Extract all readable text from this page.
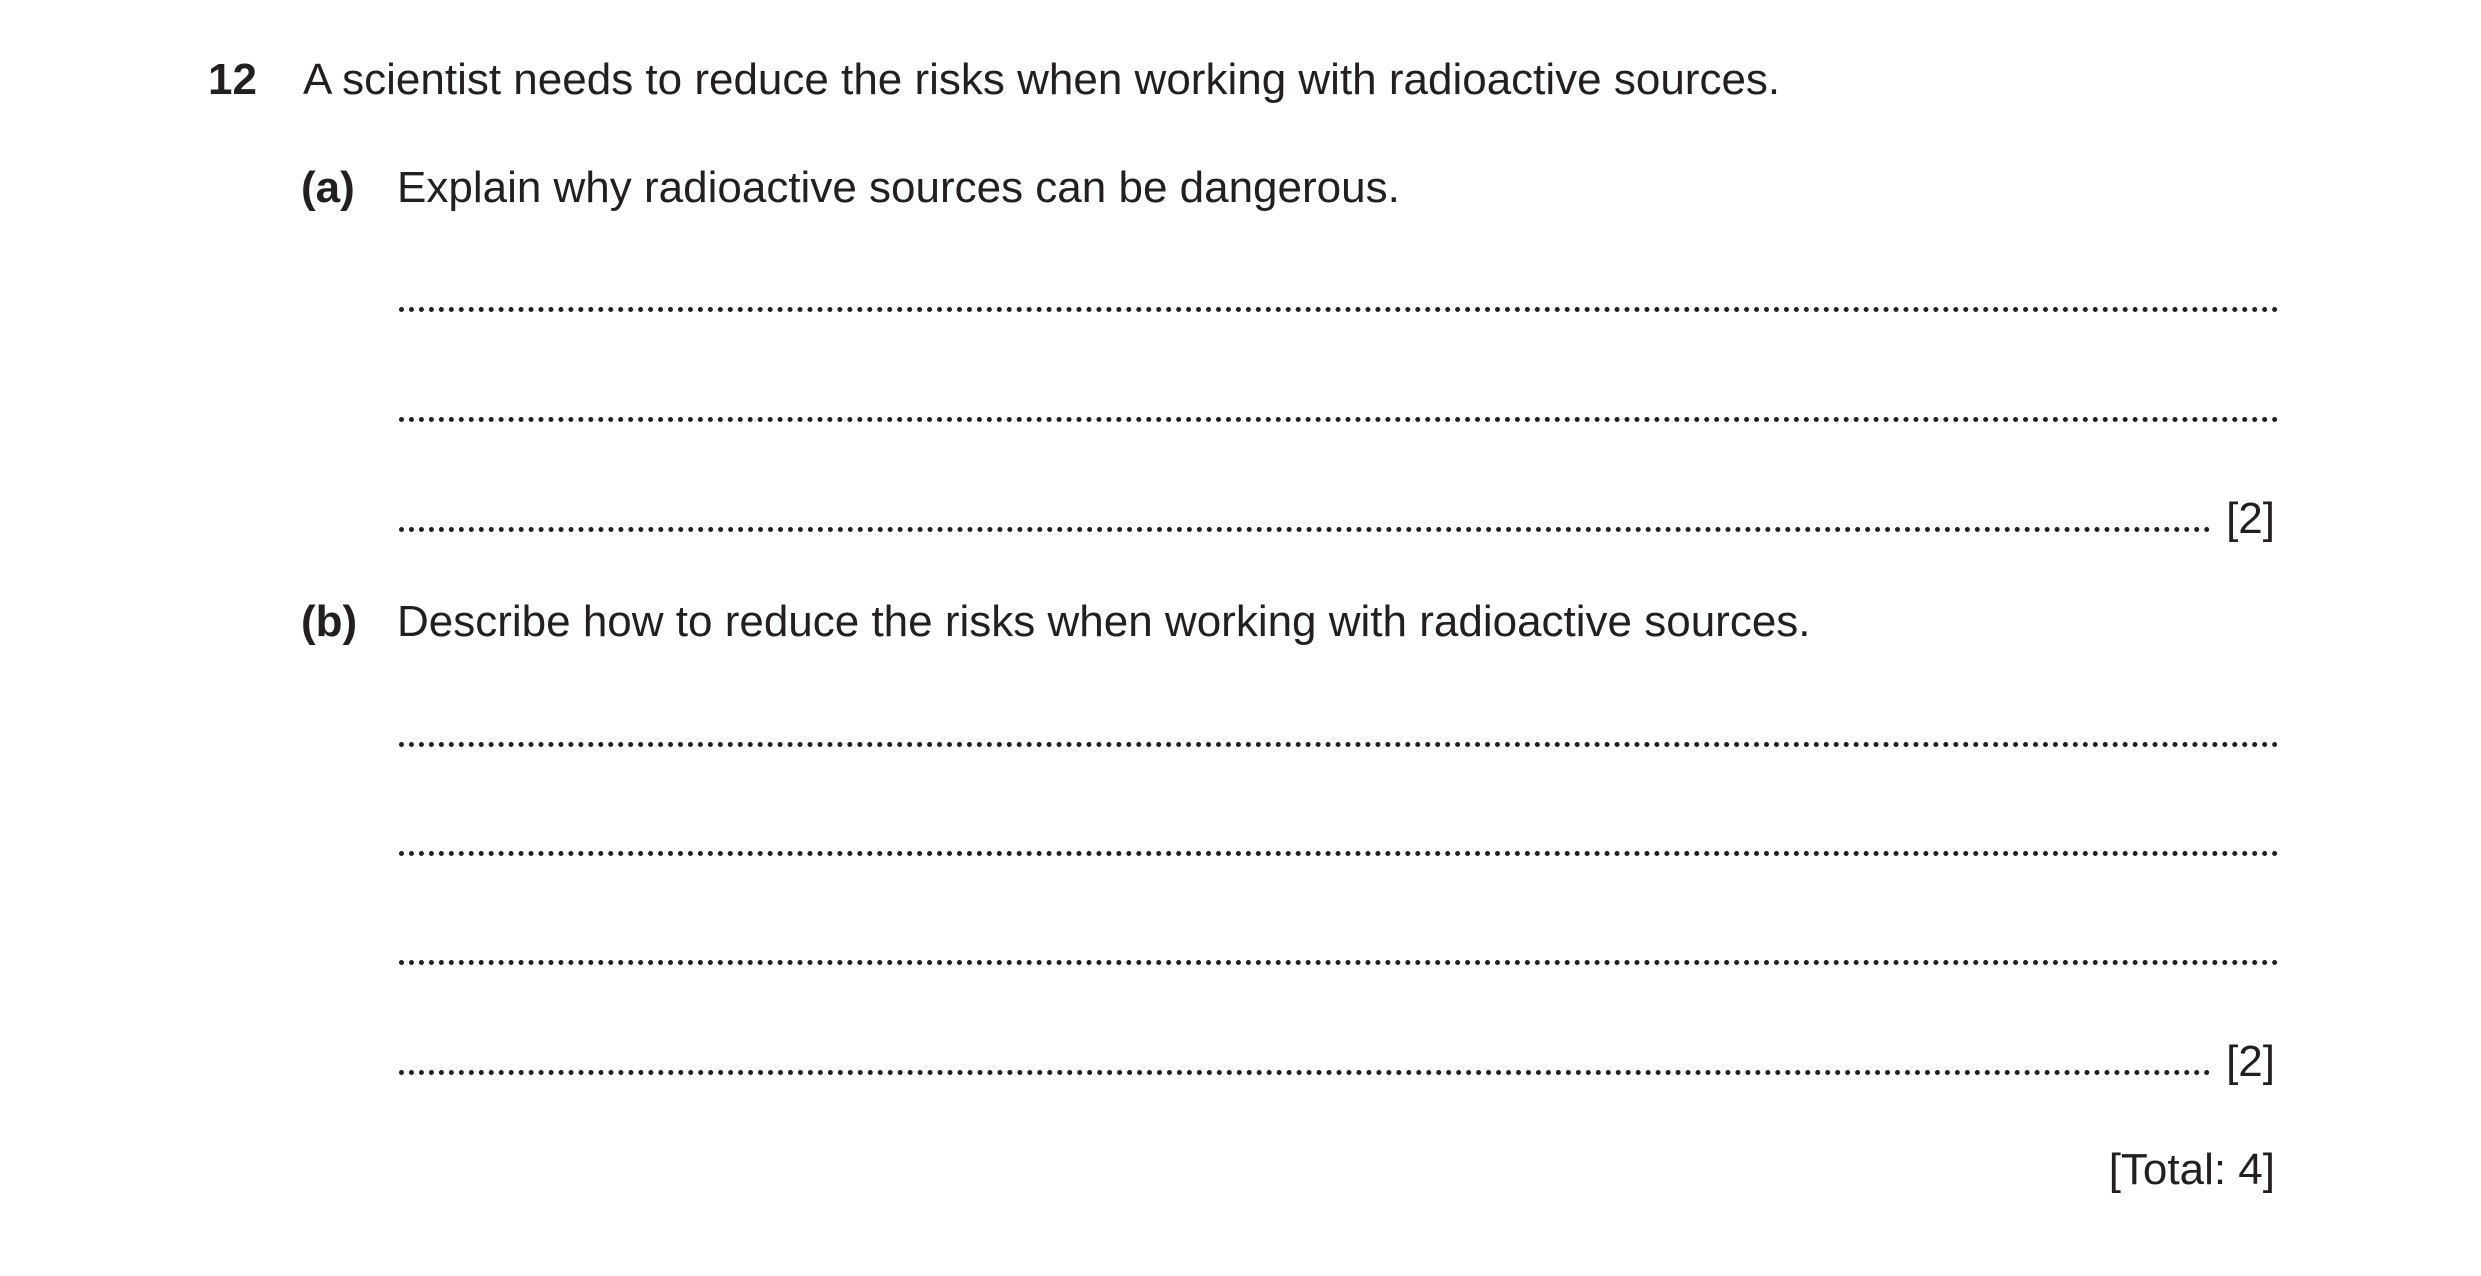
12 A scientist needs to reduce the risks when working with radioactive sources.
(a) Explain why radioactive sources can be dangerous.
[2]
(b) Describe how to reduce the risks when working with radioactive sources.
[2]
[Total: 4]
